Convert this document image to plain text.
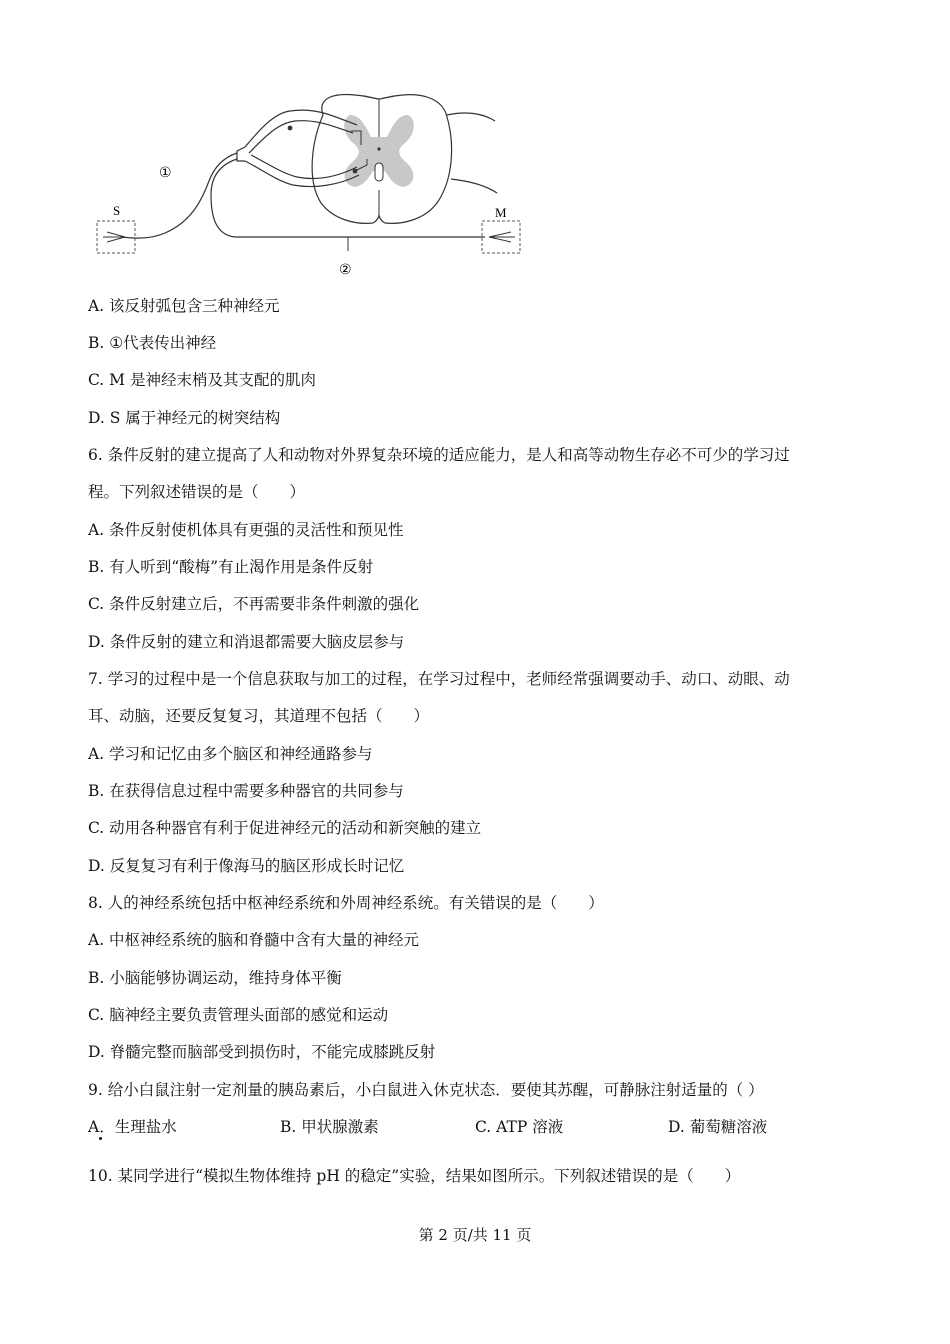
S	M
①
②
A. 该反射弧包含三种神经元
B. ①代表传出神经
C. M 是神经末梢及其支配的肌肉
D. S 属于神经元的树突结构
6. 条件反射的建立提高了人和动物对外界复杂环境的适应能力，是人和高等动物生存必不可少的学习过
程。下列叙述错误的是（　　）
A. 条件反射使机体具有更强的灵活性和预见性
B. 有人听到“酸梅”有止渴作用是条件反射
C. 条件反射建立后，不再需要非条件刺激的强化
D. 条件反射的建立和消退都需要大脑皮层参与
7. 学习的过程中是一个信息获取与加工的过程，在学习过程中，老师经常强调要动手、动口、动眼、动
耳、动脑，还要反复复习，其道理不包括（　　）
A. 学习和记忆由多个脑区和神经通路参与
B. 在获得信息过程中需要多种器官的共同参与
C. 动用各种器官有利于促进神经元的活动和新突触的建立
D. 反复复习有利于像海马的脑区形成长时记忆
8. 人的神经系统包括中枢神经系统和外周神经系统。有关错误的是（　　）
A. 中枢神经系统的脑和脊髓中含有大量的神经元
B. 小脑能够协调运动，维持身体平衡
C. 脑神经主要负责管理头面部的感觉和运动
D. 脊髓完整而脑部受到损伤时，不能完成膝跳反射
9. 给小白鼠注射一定剂量的胰岛素后，小白鼠进入休克状态．要使其苏醒，可静脉注射适量的（ ）
A．生理盐水	B. 甲状腺激素	C. ATP 溶液	D. 葡萄糖溶液
10. 某同学进行“模拟生物体维持 pH 的稳定”实验，结果如图所示。下列叙述错误的是（　　）
第 2 页/共 11 页
